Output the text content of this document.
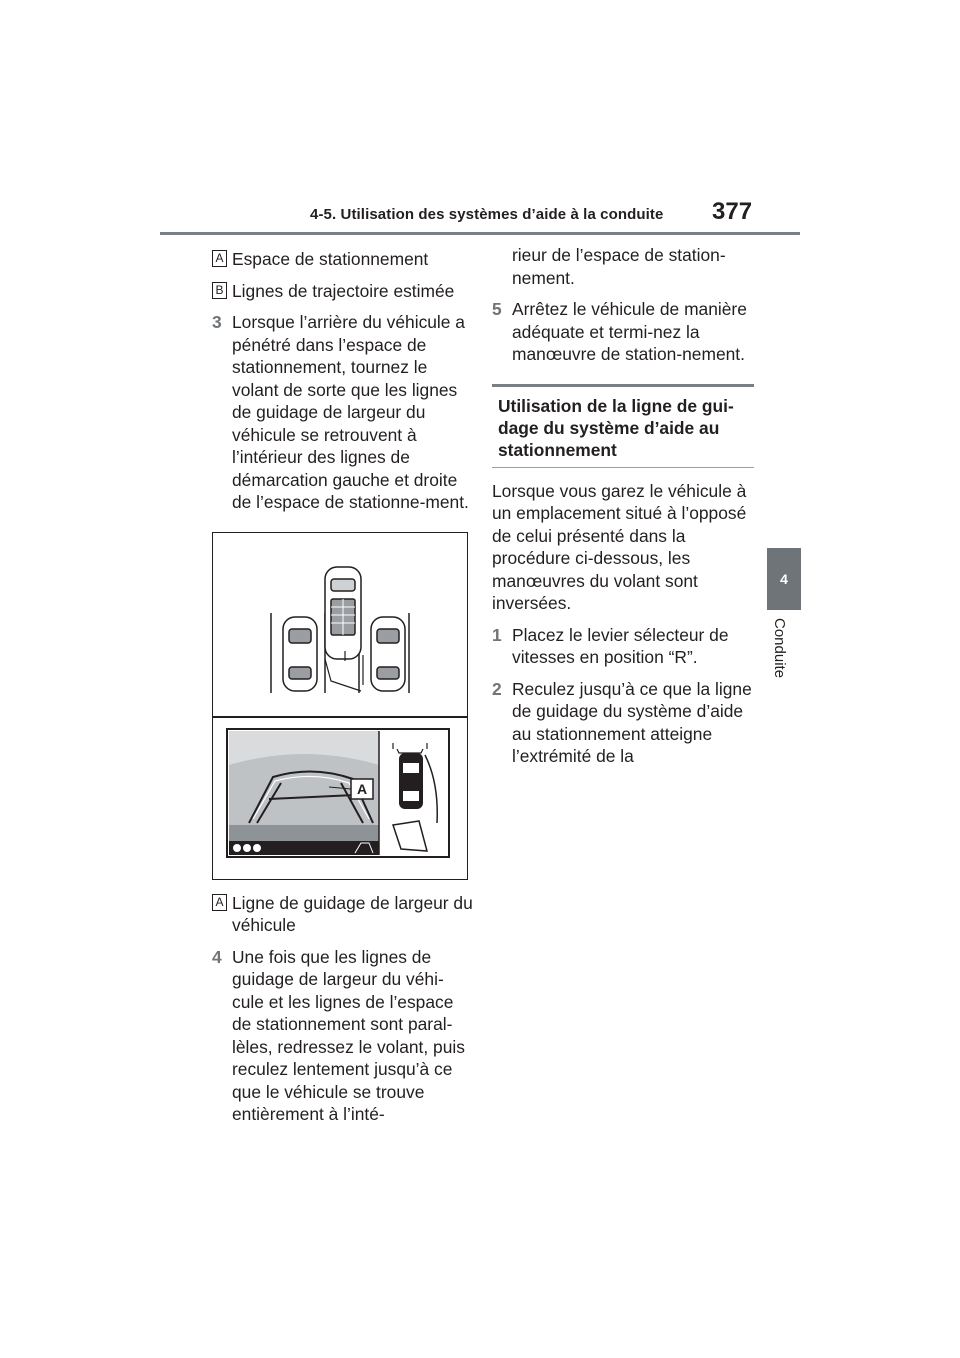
4-5. Utilisation des systèmes d’aide à la conduite 377
4
Conduite
A Espace de stationnement
B Lignes de trajectoire estimée
3 Lorsque l’arrière du véhicule a pénétré dans l’espace de stationnement, tournez le volant de sorte que les lignes de guidage de largeur du véhicule se retrouvent à l’intérieur des lignes de démarcation gauche et droite de l’espace de stationne-ment.
A
A Ligne de guidage de largeur du véhicule
4 Une fois que les lignes de guidage de largeur du véhi-cule et les lignes de l’espace de stationnement sont paral-lèles, redressez le volant, puis reculez lentement jusqu’à ce que le véhicule se trouve entièrement à l’inté-
rieur de l’espace de station-nement.
5 Arrêtez le véhicule de manière adéquate et termi-nez la manœuvre de station-nement.
Utilisation de la ligne de gui-dage du système d’aide au stationnement
Lorsque vous garez le véhicule à un emplacement situé à l’opposé de celui présenté dans la procédure ci-dessous, les manœuvres du volant sont inversées.
1 Placez le levier sélecteur de vitesses en position “R”.
2 Reculez jusqu’à ce que la ligne de guidage du système d’aide au stationnement atteigne l’extrémité de la
